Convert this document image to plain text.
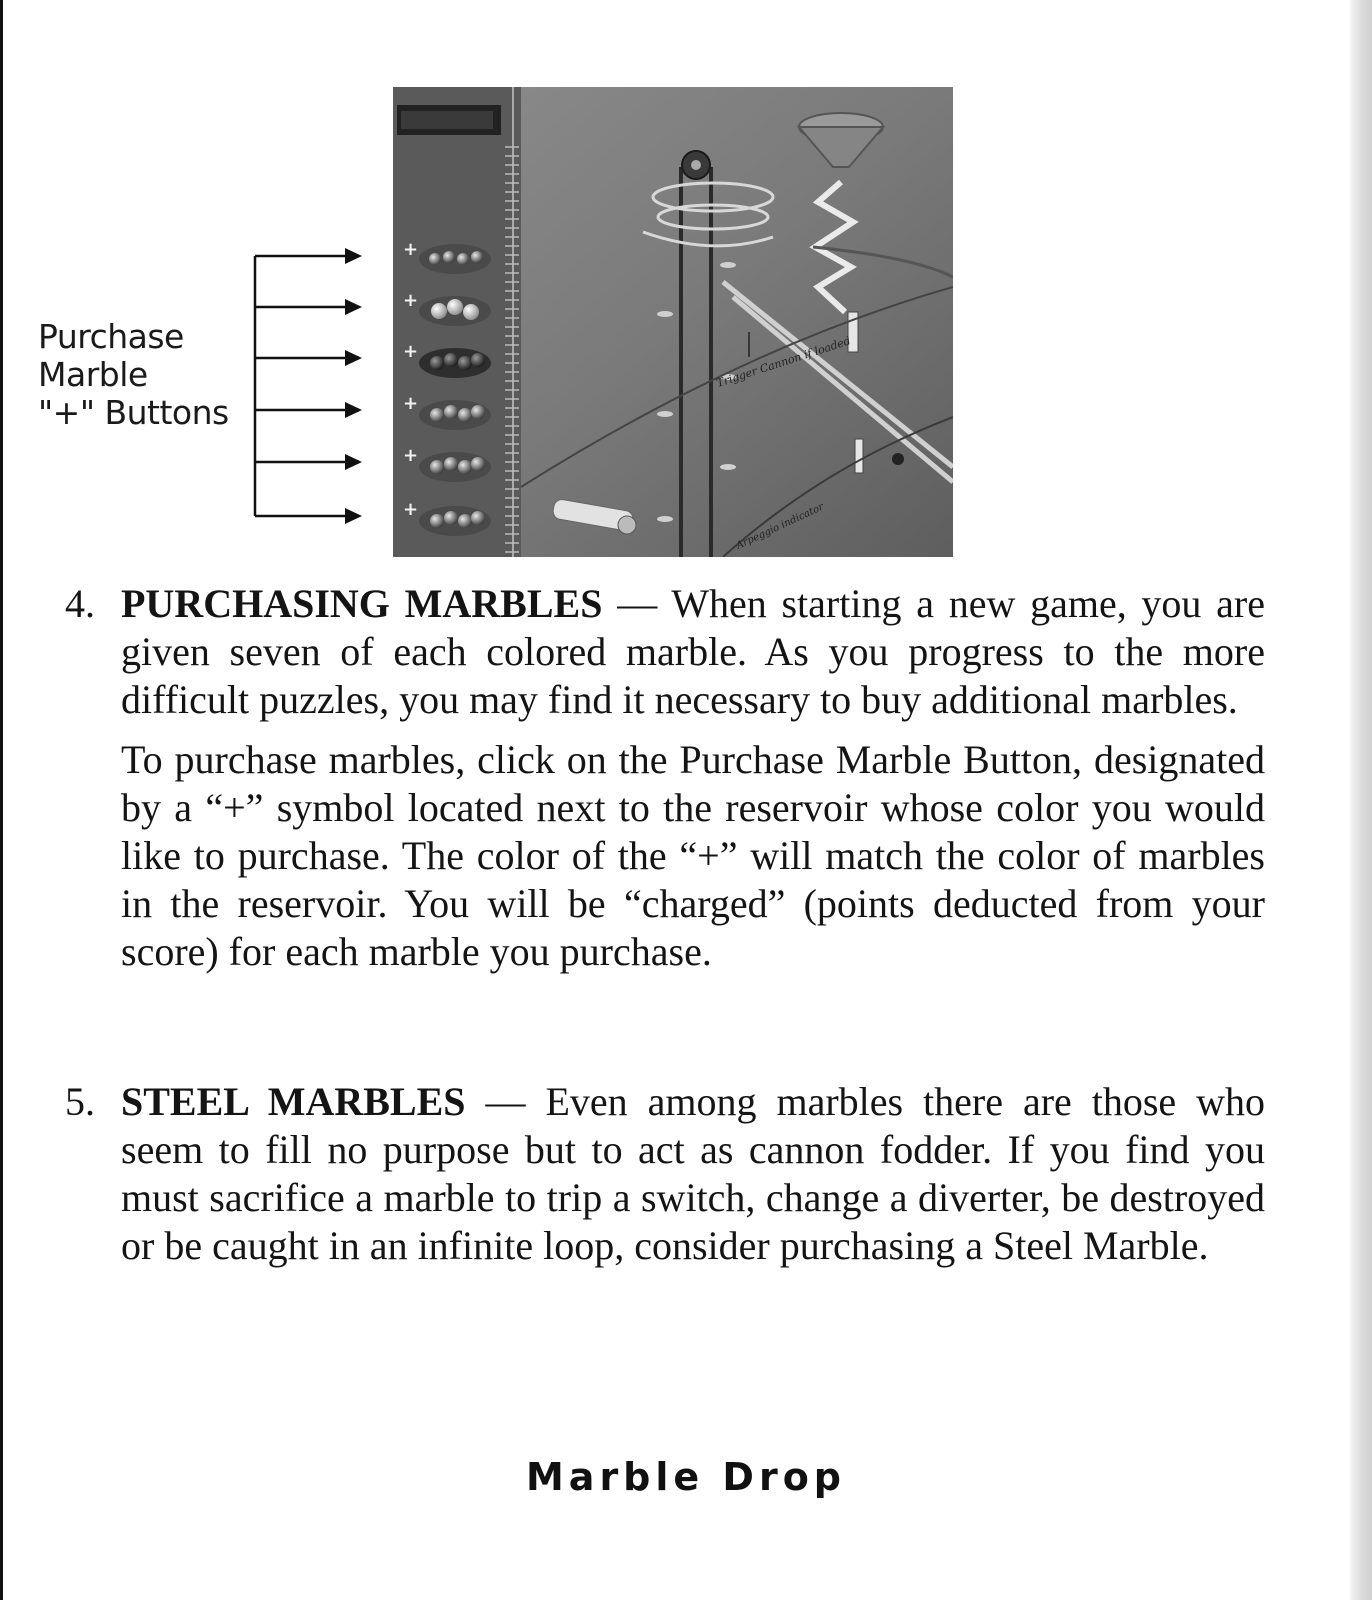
Purchase
Marble
"+" Buttons
+
+
+
+
+
+
Trigger Cannon if loaded
Arpeggio indicator
4. PURCHASING MARBLES — When starting a new game, you are given seven of each colored marble. As you progress to the more difficult puzzles, you may find it necessary to buy additional marbles.

To purchase marbles, click on the Purchase Marble Button, designated by a “+” symbol located next to the reservoir whose color you would like to purchase. The color of the “+” will match the color of marbles in the reservoir. You will be “charged” (points deducted from your score) for each marble you purchase.

5. STEEL MARBLES — Even among marbles there are those who seem to fill no purpose but to act as cannon fodder. If you find you must sacrifice a marble to trip a switch, change a diverter, be destroyed or be caught in an infinite loop, consider purchasing a Steel Marble.

Marble Drop
